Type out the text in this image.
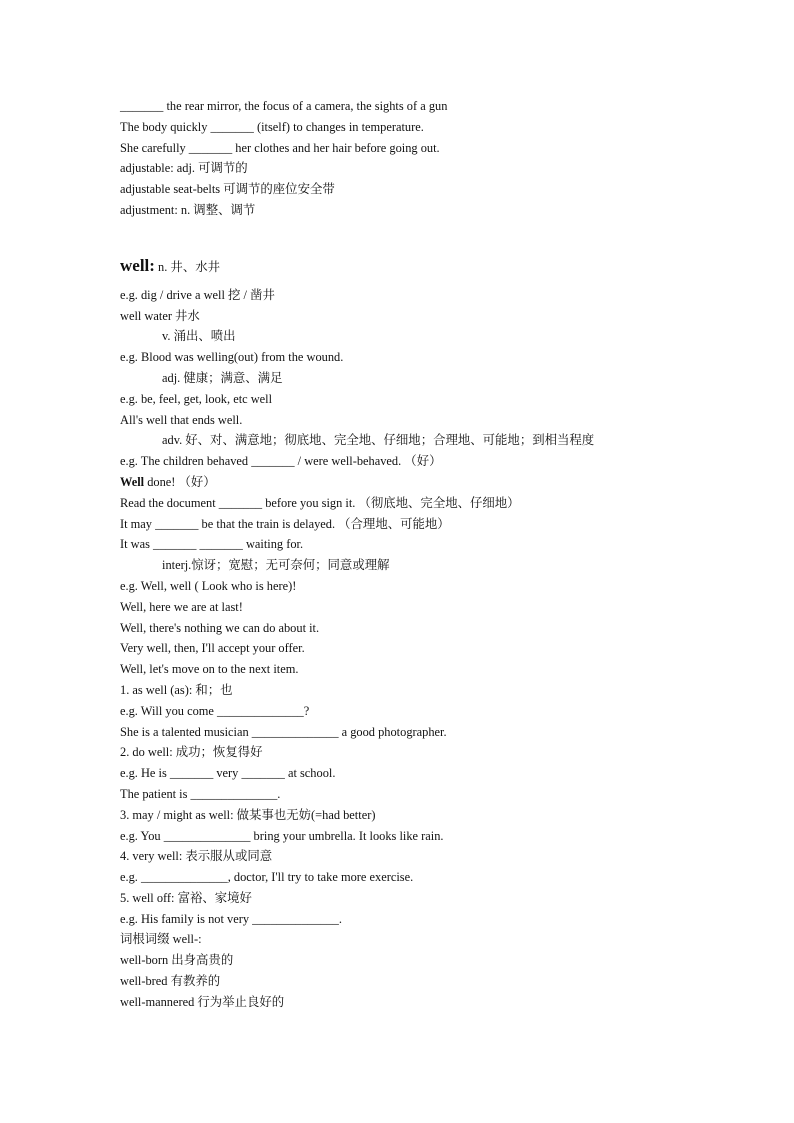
_______ the rear mirror, the focus of a camera, the sights of a gun
The body quickly _______ (itself) to changes in temperature.
She carefully _______ her clothes and her hair before going out.
adjustable: adj. 可调节的
adjustable seat-belts 可调节的座位安全带
adjustment: n. 调整、调节
well: n. 井、水井
e.g. dig / drive a well 挖 / 凿井
well water 井水
v. 涌出、喷出
e.g. Blood was welling(out) from the wound.
adj. 健康；满意、满足
e.g. be, feel, get, look, etc well
All's well that ends well.
adv. 好、对、满意地；彻底地、完全地、仔细地；合理地、可能地；到相当程度
e.g. The children behaved _______ / were well-behaved. （好）
Well done! （好）
Read the document _______ before you sign it. （彻底地、完全地、仔细地）
It may _______ be that the train is delayed. （合理地、可能地）
It was _______ _______ waiting for.
interj.惊讶；宽慰；无可奈何；同意或理解
e.g. Well, well ( Look who is here)!
Well, here we are at last!
Well, there's nothing we can do about it.
Very well, then, I'll accept your offer.
Well, let's move on to the next item.
1. as well (as): 和；也
e.g. Will you come ______________?
She is a talented musician ______________ a good photographer.
2. do well: 成功；恢复得好
e.g. He is _______ very _______ at school.
The patient is ______________.
3. may / might as well: 做某事也无妨(=had better)
e.g. You ______________ bring your umbrella. It looks like rain.
4. very well: 表示服从或同意
e.g. ______________, doctor, I'll try to take more exercise.
5. well off: 富裕、家境好
e.g. His family is not very ______________.
词根词缀 well-:
well-born 出身高贵的
well-bred 有教养的
well-mannered 行为举止良好的
